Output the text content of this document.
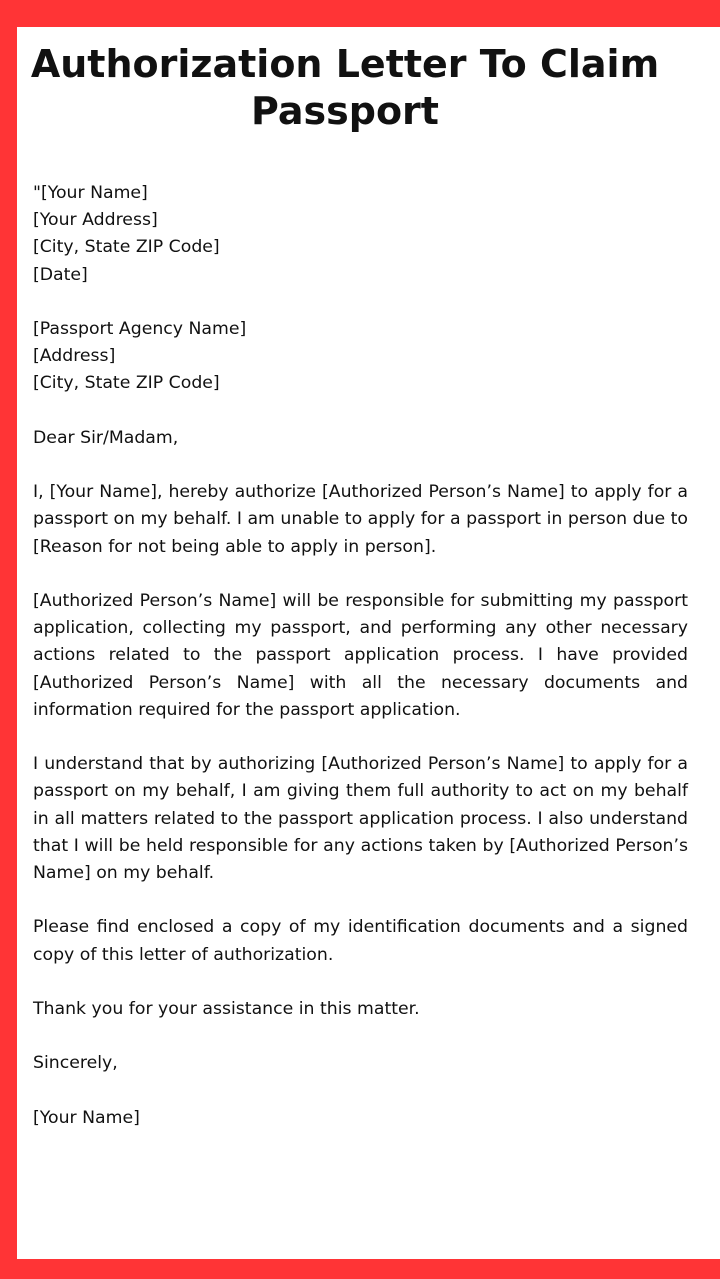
Authorization Letter To Claim
Passport
"[Your Name]
[Your Address]
[City, State ZIP Code]
[Date]
[Passport Agency Name]
[Address]
[City, State ZIP Code]

Dear Sir/Madam,

I, [Your Name], hereby authorize [Authorized Person’s Name] to apply for a passport on my behalf. I am unable to apply for a passport in person due to [Reason for not being able to apply in person].

[Authorized Person’s Name] will be responsible for submitting my passport application, collecting my passport, and performing any other necessary actions related to the passport application process. I have provided [Authorized Person’s Name] with all the necessary documents and information required for the passport application.

I understand that by authorizing [Authorized Person’s Name] to apply for a passport on my behalf, I am giving them full authority to act on my behalf in all matters related to the passport application process. I also understand that I will be held responsible for any actions taken by [Authorized Person’s Name] on my behalf.

Please find enclosed a copy of my identification documents and a signed copy of this letter of authorization.

Thank you for your assistance in this matter.

Sincerely,

[Your Name]
